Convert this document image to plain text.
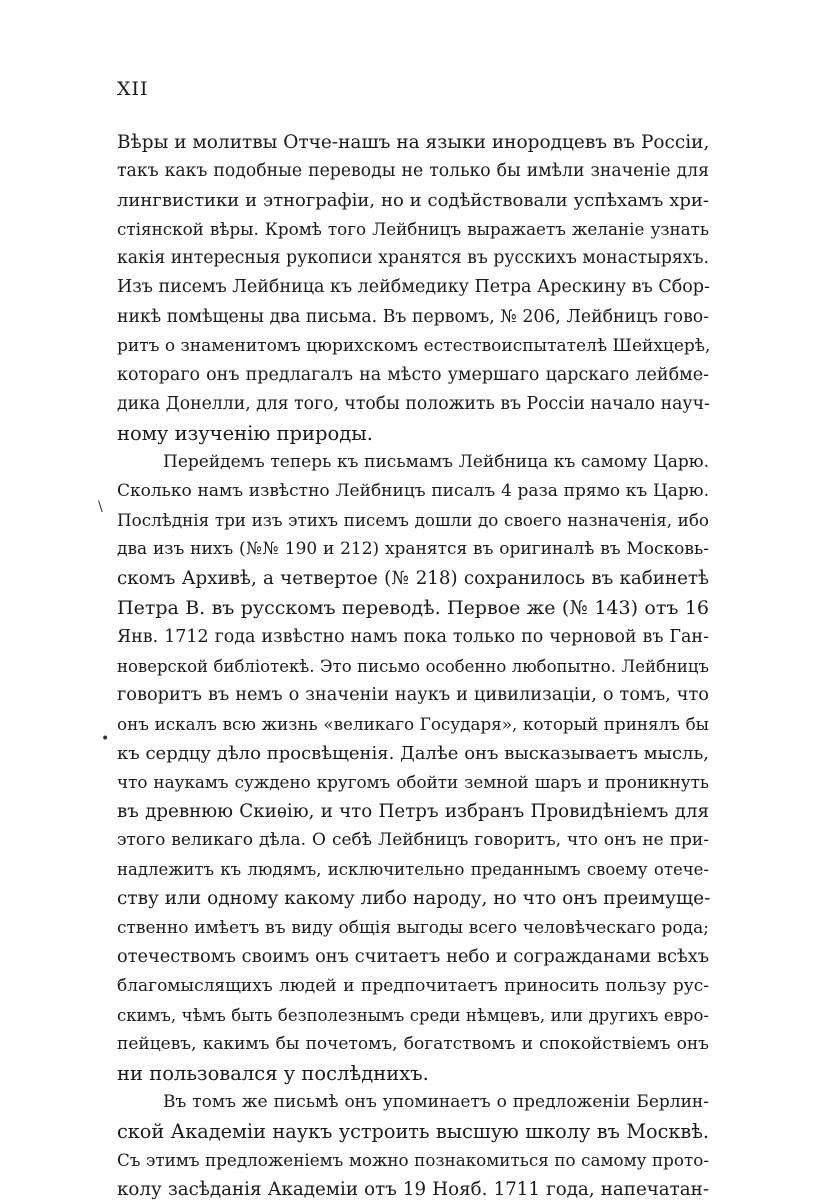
XII
\
•
Вѣры и молитвы Отче-нашъ на языки инородцевъ въ Россіи,
такъ какъ подобные переводы не только бы имѣли значеніе для
лингвистики и этнографіи, но и содѣйствовали успѣхамъ хри-
стіянской вѣры. Кромѣ того Лейбницъ выражаетъ желаніе узнать
какія интересныя рукописи хранятся въ русскихъ монастыряхъ.
Изъ писемъ Лейбница къ лейбмедику Петра Арескину въ Сбор-
никѣ помѣщены два письма. Въ первомъ, № 206, Лейбницъ гово-
ритъ о знаменитомъ цюрихскомъ естествоиспытателѣ Шейхцерѣ,
котораго онъ предлагалъ на мѣсто умершаго царскаго лейбме-
дика Донелли, для того, чтобы положить въ Россіи начало науч-
ному изученію природы.
Перейдемъ теперь къ письмамъ Лейбница къ самому Царю.
Сколько намъ извѣстно Лейбницъ писалъ 4 раза прямо къ Царю.
Послѣднія три изъ этихъ писемъ дошли до своего назначенія, ибо
два изъ нихъ (№№ 190 и 212) хранятся въ оригиналѣ въ Московь-
скомъ Архивѣ, а четвертое (№ 218) сохранилось въ кабинетѣ
Петра В. въ русскомъ переводѣ. Первое же (№ 143) отъ 16
Янв. 1712 года извѣстно намъ пока только по черновой въ Ган-
новерской библіотекѣ. Это письмо особенно любопытно. Лейбницъ
говоритъ въ немъ о значеніи наукъ и цивилизаціи, о томъ, что
онъ искалъ всю жизнь «великаго Государя», который принялъ бы
къ сердцу дѣло просвѣщенія. Далѣе онъ высказываетъ мысль,
что наукамъ суждено кругомъ обойти земной шаръ и проникнуть
въ древнюю Скиѳію, и что Петръ избранъ Провидѣніемъ для
этого великаго дѣла. О себѣ Лейбницъ говоритъ, что онъ не при-
надлежитъ къ людямъ, исключительно преданнымъ своему отече-
ству или одному какому либо народу, но что онъ преимуще-
ственно имѣетъ въ виду общія выгоды всего человѣческаго рода;
отечествомъ своимъ онъ считаетъ небо и согражданами всѣхъ
благомыслящихъ людей и предпочитаетъ приносить пользу рус-
скимъ, чѣмъ быть безполезнымъ среди нѣмцевъ, или другихъ евро-
пейцевъ, какимъ бы почетомъ, богатствомъ и спокойствіемъ онъ
ни пользовался у послѣднихъ.
Въ томъ же письмѣ онъ упоминаетъ о предложеніи Берлин-
ской Академіи наукъ устроить высшую школу въ Москвѣ.
Съ этимъ предложеніемъ можно познакомиться по самому прото-
колу засѣданія Академіи отъ 19 Нояб. 1711 года, напечатан-
